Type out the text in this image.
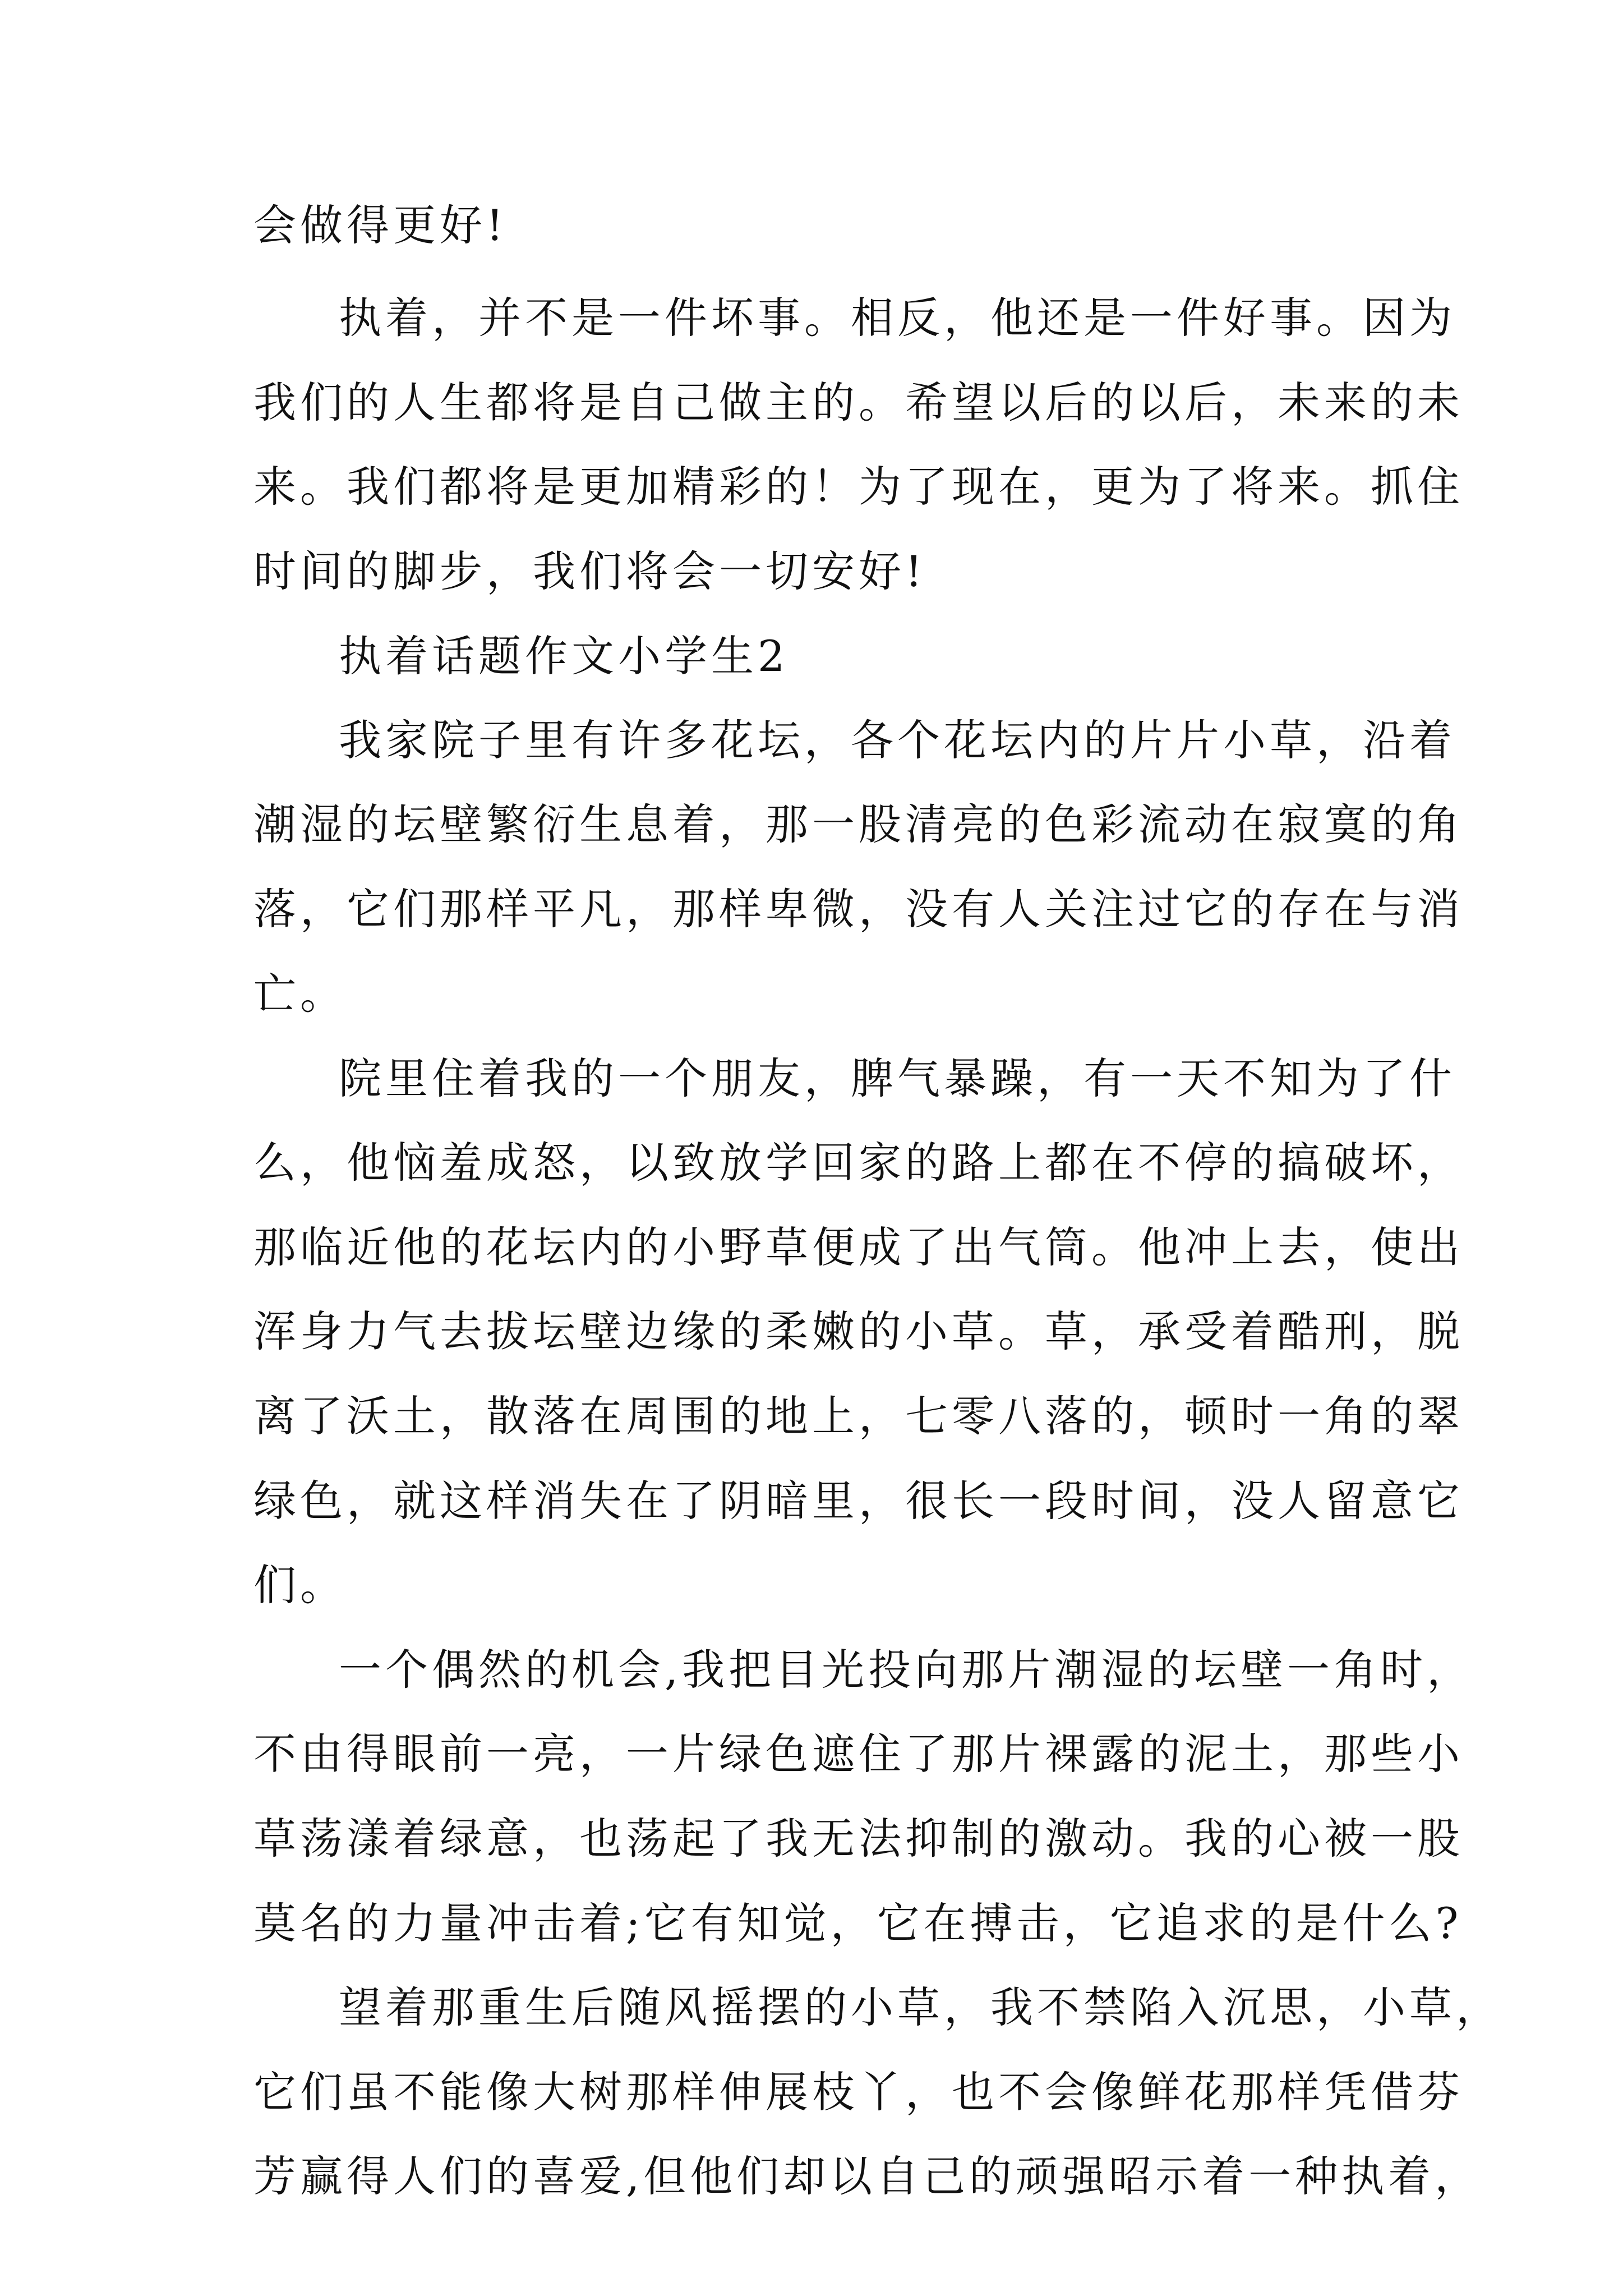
会做得更好!
执着，并不是一件坏事。相反，他还是一件好事。因为
我们的人生都将是自己做主的。希望以后的以后，未来的未
来。我们都将是更加精彩的！为了现在，更为了将来。抓住
时间的脚步，我们将会一切安好!
执着话题作文小学生2
我家院子里有许多花坛，各个花坛内的片片小草，沿着
潮湿的坛壁繁衍生息着，那一股清亮的色彩流动在寂寞的角
落，它们那样平凡，那样卑微，没有人关注过它的存在与消
亡。
院里住着我的一个朋友，脾气暴躁，有一天不知为了什
么，他恼羞成怒，以致放学回家的路上都在不停的搞破坏，
那临近他的花坛内的小野草便成了出气筒。他冲上去，使出
浑身力气去拔坛壁边缘的柔嫩的小草。草，承受着酷刑，脱
离了沃土，散落在周围的地上，七零八落的，顿时一角的翠
绿色，就这样消失在了阴暗里，很长一段时间，没人留意它
们。
一个偶然的机会,我把目光投向那片潮湿的坛壁一角时，
不由得眼前一亮，一片绿色遮住了那片裸露的泥土，那些小
草荡漾着绿意，也荡起了我无法抑制的激动。我的心被一股
莫名的力量冲击着;它有知觉，它在搏击，它追求的是什么?
望着那重生后随风摇摆的小草，我不禁陷入沉思，小草，
它们虽不能像大树那样伸展枝丫，也不会像鲜花那样凭借芬
芳赢得人们的喜爱,但他们却以自己的顽强昭示着一种执着，
